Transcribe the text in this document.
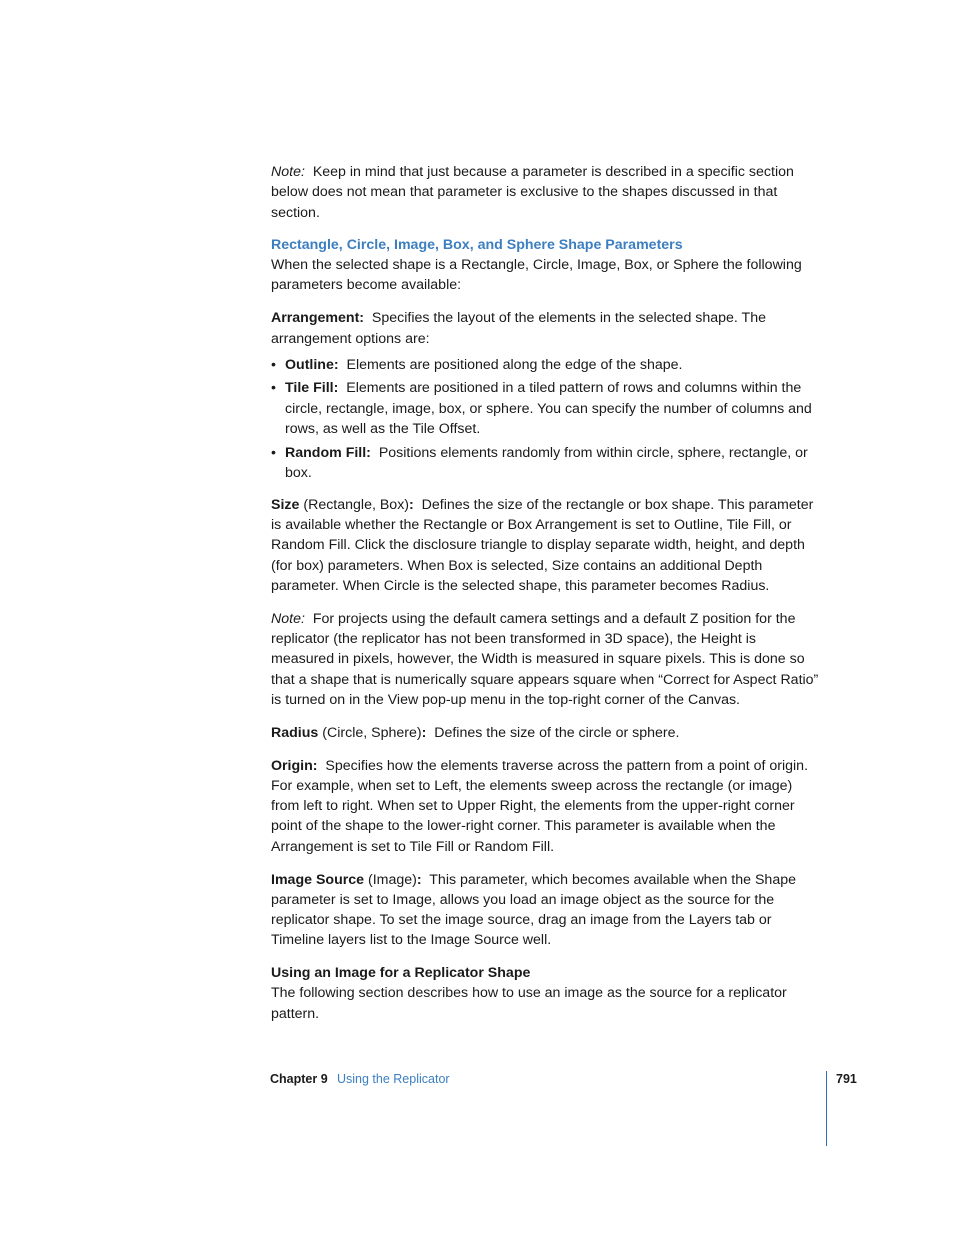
Note: Keep in mind that just because a parameter is described in a specific section below does not mean that parameter is exclusive to the shapes discussed in that section.

Rectangle, Circle, Image, Box, and Sphere Shape Parameters

When the selected shape is a Rectangle, Circle, Image, Box, or Sphere the following parameters become available:

Arrangement: Specifies the layout of the elements in the selected shape. The arrangement options are:

• Outline: Elements are positioned along the edge of the shape.
• Tile Fill: Elements are positioned in a tiled pattern of rows and columns within the circle, rectangle, image, box, or sphere. You can specify the number of columns and rows, as well as the Tile Offset.
• Random Fill: Positions elements randomly from within circle, sphere, rectangle, or box.

Size (Rectangle, Box): Defines the size of the rectangle or box shape. This parameter is available whether the Rectangle or Box Arrangement is set to Outline, Tile Fill, or Random Fill. Click the disclosure triangle to display separate width, height, and depth (for box) parameters. When Box is selected, Size contains an additional Depth parameter. When Circle is the selected shape, this parameter becomes Radius.

Note: For projects using the default camera settings and a default Z position for the replicator (the replicator has not been transformed in 3D space), the Height is measured in pixels, however, the Width is measured in square pixels. This is done so that a shape that is numerically square appears square when “Correct for Aspect Ratio” is turned on in the View pop-up menu in the top-right corner of the Canvas.

Radius (Circle, Sphere): Defines the size of the circle or sphere.

Origin: Specifies how the elements traverse across the pattern from a point of origin. For example, when set to Left, the elements sweep across the rectangle (or image) from left to right. When set to Upper Right, the elements from the upper-right corner point of the shape to the lower-right corner. This parameter is available when the Arrangement is set to Tile Fill or Random Fill.

Image Source (Image): This parameter, which becomes available when the Shape parameter is set to Image, allows you load an image object as the source for the replicator shape. To set the image source, drag an image from the Layers tab or Timeline layers list to the Image Source well.

Using an Image for a Replicator Shape

The following section describes how to use an image as the source for a replicator pattern.

Chapter 9 Using the Replicator	791
